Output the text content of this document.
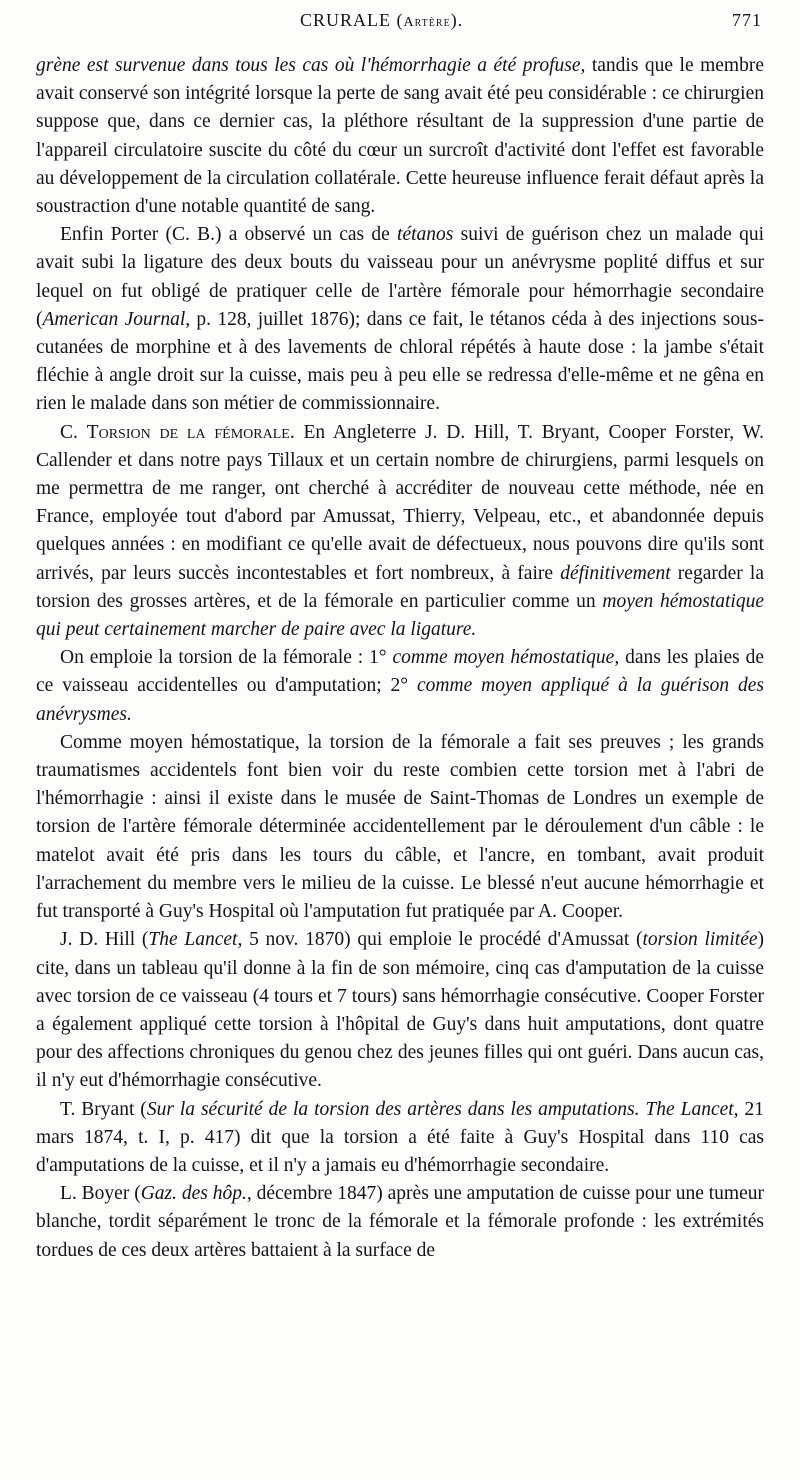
CRURALE (Artère).	771

grène est survenue dans tous les cas où l'hémorrhagie a été profuse, tandis que le membre avait conservé son intégrité lorsque la perte de sang avait été peu considérable : ce chirurgien suppose que, dans ce dernier cas, la pléthore résultant de la suppression d'une partie de l'appareil circulatoire suscite du côté du cœur un surcroît d'activité dont l'effet est favorable au développement de la circulation collatérale. Cette heureuse influence ferait défaut après la soustraction d'une notable quantité de sang.

Enfin Porter (C. B.) a observé un cas de tétanos suivi de guérison chez un malade qui avait subi la ligature des deux bouts du vaisseau pour un anévrysme poplité diffus et sur lequel on fut obligé de pratiquer celle de l'artère fémorale pour hémorrhagie secondaire (American Journal, p. 128, juillet 1876); dans ce fait, le tétanos céda à des injections sous-cutanées de morphine et à des lavements de chloral répétés à haute dose : la jambe s'était fléchie à angle droit sur la cuisse, mais peu à peu elle se redressa d'elle-même et ne gêna en rien le malade dans son métier de commissionnaire.

C. Torsion de la fémorale. En Angleterre J. D. Hill, T. Bryant, Cooper Forster, W. Callender et dans notre pays Tillaux et un certain nombre de chirurgiens, parmi lesquels on me permettra de me ranger, ont cherché à accréditer de nouveau cette méthode, née en France, employée tout d'abord par Amussat, Thierry, Velpeau, etc., et abandonnée depuis quelques années : en modifiant ce qu'elle avait de défectueux, nous pouvons dire qu'ils sont arrivés, par leurs succès incontestables et fort nombreux, à faire définitivement regarder la torsion des grosses artères, et de la fémorale en particulier comme un moyen hémostatique qui peut certainement marcher de paire avec la ligature.

On emploie la torsion de la fémorale : 1° comme moyen hémostatique, dans les plaies de ce vaisseau accidentelles ou d'amputation; 2° comme moyen appliqué à la guérison des anévrysmes.

Comme moyen hémostatique, la torsion de la fémorale a fait ses preuves ; les grands traumatismes accidentels font bien voir du reste combien cette torsion met à l'abri de l'hémorrhagie : ainsi il existe dans le musée de Saint-Thomas de Londres un exemple de torsion de l'artère fémorale déterminée accidentellement par le déroulement d'un câble : le matelot avait été pris dans les tours du câble, et l'ancre, en tombant, avait produit l'arrachement du membre vers le milieu de la cuisse. Le blessé n'eut aucune hémorrhagie et fut transporté à Guy's Hospital où l'amputation fut pratiquée par A. Cooper.

J. D. Hill (The Lancet, 5 nov. 1870) qui emploie le procédé d'Amussat (torsion limitée) cite, dans un tableau qu'il donne à la fin de son mémoire, cinq cas d'amputation de la cuisse avec torsion de ce vaisseau (4 tours et 7 tours) sans hémorrhagie consécutive. Cooper Forster a également appliqué cette torsion à l'hôpital de Guy's dans huit amputations, dont quatre pour des affections chroniques du genou chez des jeunes filles qui ont guéri. Dans aucun cas, il n'y eut d'hémorrhagie consécutive.

T. Bryant (Sur la sécurité de la torsion des artères dans les amputations. The Lancet, 21 mars 1874, t. I, p. 417) dit que la torsion a été faite à Guy's Hospital dans 110 cas d'amputations de la cuisse, et il n'y a jamais eu d'hémorrhagie secondaire.

L. Boyer (Gaz. des hôp., décembre 1847) après une amputation de cuisse pour une tumeur blanche, tordit séparément le tronc de la fémorale et la fémorale profonde : les extrémités tordues de ces deux artères battaient à la surface de
